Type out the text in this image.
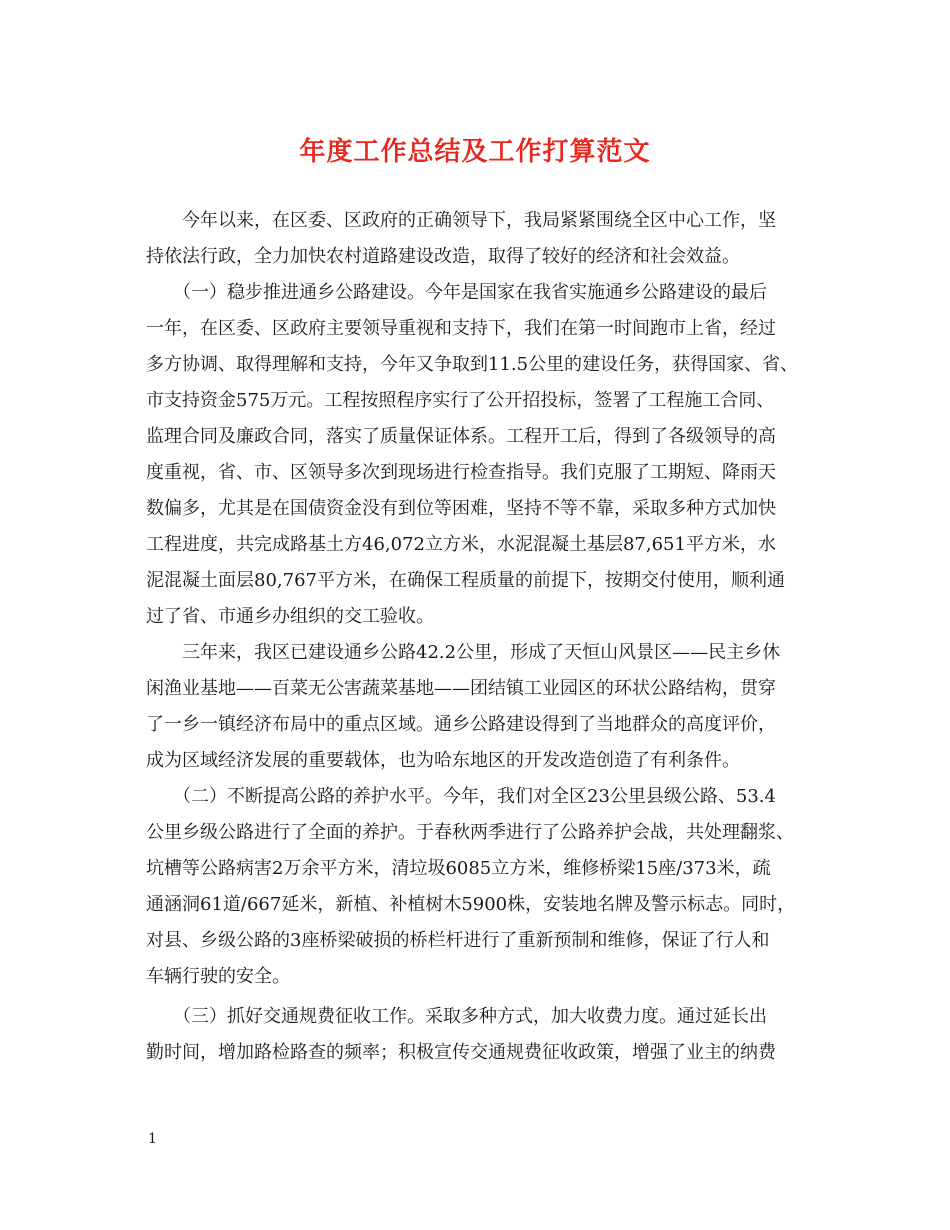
年度工作总结及工作打算范文
　　今年以来，在区委、区政府的正确领导下，我局紧紧围绕全区中心工作，坚
持依法行政，全力加快农村道路建设改造，取得了较好的经济和社会效益。
　　（一）稳步推进通乡公路建设。今年是国家在我省实施通乡公路建设的最后
一年，在区委、区政府主要领导重视和支持下，我们在第一时间跑市上省，经过
多方协调、取得理解和支持，今年又争取到11.5公里的建设任务，获得国家、省、
市支持资金575万元。工程按照程序实行了公开招投标，签署了工程施工合同、
监理合同及廉政合同，落实了质量保证体系。工程开工后，得到了各级领导的高
度重视，省、市、区领导多次到现场进行检查指导。我们克服了工期短、降雨天
数偏多，尤其是在国债资金没有到位等困难，坚持不等不靠，采取多种方式加快
工程进度，共完成路基土方46,072立方米，水泥混凝土基层87,651平方米，水
泥混凝土面层80,767平方米，在确保工程质量的前提下，按期交付使用，顺利通
过了省、市通乡办组织的交工验收。
　　三年来，我区已建设通乡公路42.2公里，形成了天恒山风景区——民主乡休
闲渔业基地——百菜无公害蔬菜基地——团结镇工业园区的环状公路结构，贯穿
了一乡一镇经济布局中的重点区域。通乡公路建设得到了当地群众的高度评价，
成为区域经济发展的重要载体，也为哈东地区的开发改造创造了有利条件。
　　（二）不断提高公路的养护水平。今年，我们对全区23公里县级公路、53.4
公里乡级公路进行了全面的养护。于春秋两季进行了公路养护会战，共处理翻浆、
坑槽等公路病害2万余平方米，清垃圾6085立方米，维修桥梁15座/373米，疏
通涵洞61道/667延米，新植、补植树木5900株，安装地名牌及警示标志。同时，
对县、乡级公路的3座桥梁破损的桥栏杆进行了重新预制和维修，保证了行人和
车辆行驶的安全。
　　（三）抓好交通规费征收工作。采取多种方式，加大收费力度。通过延长出
勤时间，增加路检路查的频率；积极宣传交通规费征收政策，增强了业主的纳费
1
